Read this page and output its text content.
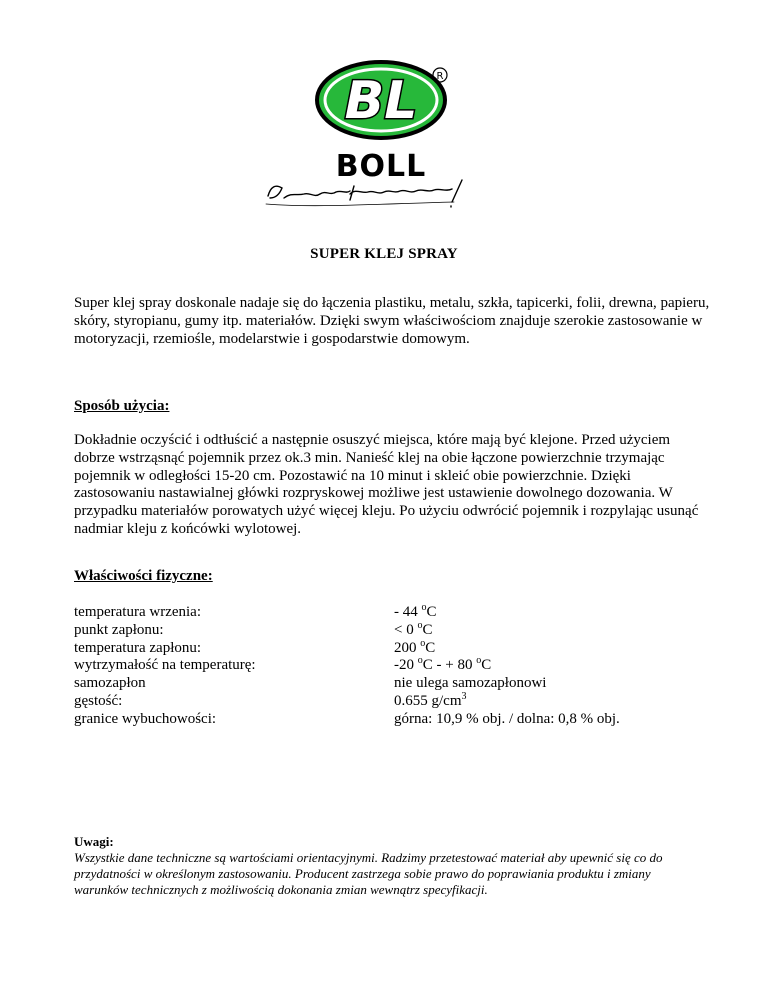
BL R
BOLL
SUPER KLEJ SPRAY

Super klej spray doskonale nadaje się do łączenia plastiku, metalu, szkła, tapicerki, folii, drewna, papieru, skóry, styropianu, gumy itp. materiałów. Dzięki swym właściwościom znajduje szerokie zastosowanie w motoryzacji, rzemiośle, modelarstwie i gospodarstwie domowym.

Sposób użycia:

Dokładnie oczyścić i odtłuścić a następnie osuszyć miejsca, które mają być klejone. Przed użyciem dobrze wstrząsnąć pojemnik przez ok.3 min. Nanieść klej na obie łączone powierzchnie trzymając pojemnik w odległości 15-20 cm. Pozostawić na 10 minut i skleić obie powierzchnie. Dzięki zastosowaniu nastawialnej główki rozpryskowej możliwe jest ustawienie dowolnego dozowania. W przypadku materiałów porowatych użyć więcej kleju. Po użyciu odwrócić pojemnik i rozpylając usunąć nadmiar kleju z końcówki wylotowej.

Właściwości fizyczne:
temperatura wrzenia:	- 44 $^o$C
punkt zapłonu:	< 0 $^o$C
temperatura zapłonu:	200 $^o$C
wytrzymałość na temperaturę:	-20 $^o$C - + 80 $^o$C
samozapłon	nie ulega samozapłonowi
gęstość:	0.655 $g/cm^3$
granice wybuchowości:	górna: 10,9 % obj. / dolna: 0,8 % obj.
Uwagi:

Wszystkie dane techniczne są wartościami orientacyjnymi. Radzimy przetestować materiał aby upewnić się co do przydatności w określonym zastosowaniu. Producent zastrzega sobie prawo do poprawiania produktu i zmiany warunków technicznych z możliwością dokonania zmian wewnątrz specyfikacji.
